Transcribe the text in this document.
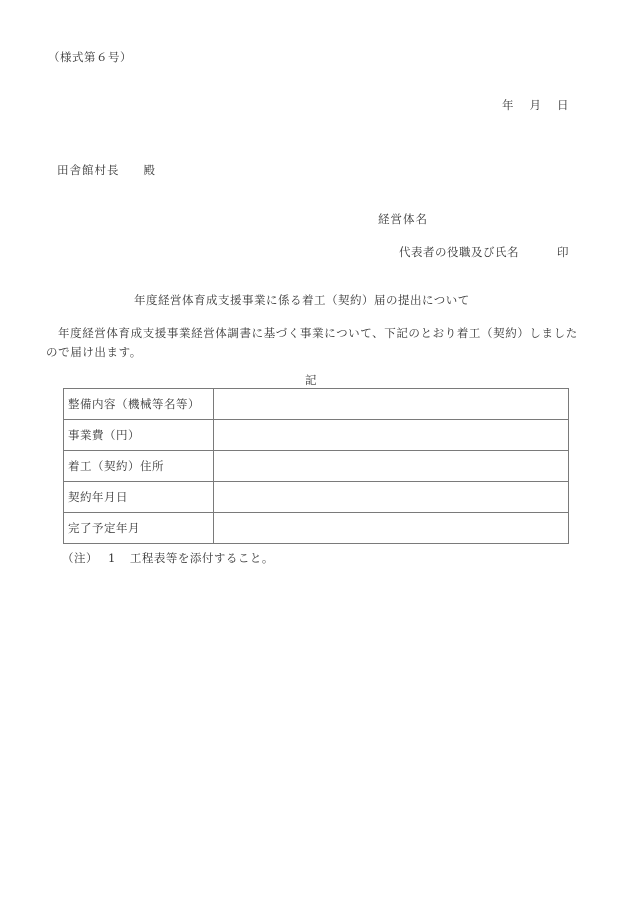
（様式第６号）
年 月 日
田舎館村長 殿
経営体名
代表者の役職及び氏名	印
年度経営体育成支援事業に係る着工（契約）届の提出について
年度経営体育成支援事業経営体調書に基づく事業について、下記のとおり着工（契約）しましたので届け出ます。
記
整備内容（機械等名等）	
事業費（円）	
着工（契約）住所	
契約年月日	
完了予定年月	
（注） 1 工程表等を添付すること。
